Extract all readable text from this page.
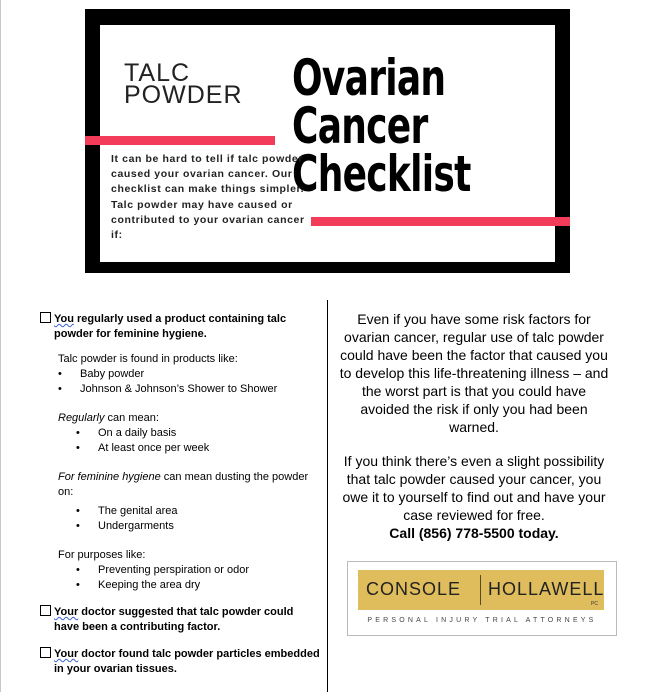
TALC POWDER Ovarian
Cancer
Checklist
It can be hard to tell if talc powder caused your ovarian cancer. Our checklist can make things simpler. Talc powder may have caused or contributed to your ovarian cancer if:

You regularly used a product containing talc powder for feminine hygiene.

Talc powder is found in products like:

• Baby powder
• Johnson & Johnson’s Shower to Shower

Regularly can mean:

• On a daily basis
• At least once per week

For feminine hygiene can mean dusting the powder on:

• The genital area
• Undergarments

For purposes like:

• Preventing perspiration or odor
• Keeping the area dry

Your doctor suggested that talc powder could have been a contributing factor.

Your doctor found talc powder particles embedded in your ovarian tissues.

Even if you have some risk factors for ovarian cancer, regular use of talc powder could have been the factor that caused you to develop this life-threatening illness – and the worst part is that you could have avoided the risk if only you had been warned.

If you think there’s even a slight possibility that talc powder caused your cancer, you owe it to yourself to find out and have your case reviewed for free.
Call (856) 778-5500 today.

CONSOLE HOLLAWELL
PC
PERSONAL INJURY TRIAL ATTORNEYS
